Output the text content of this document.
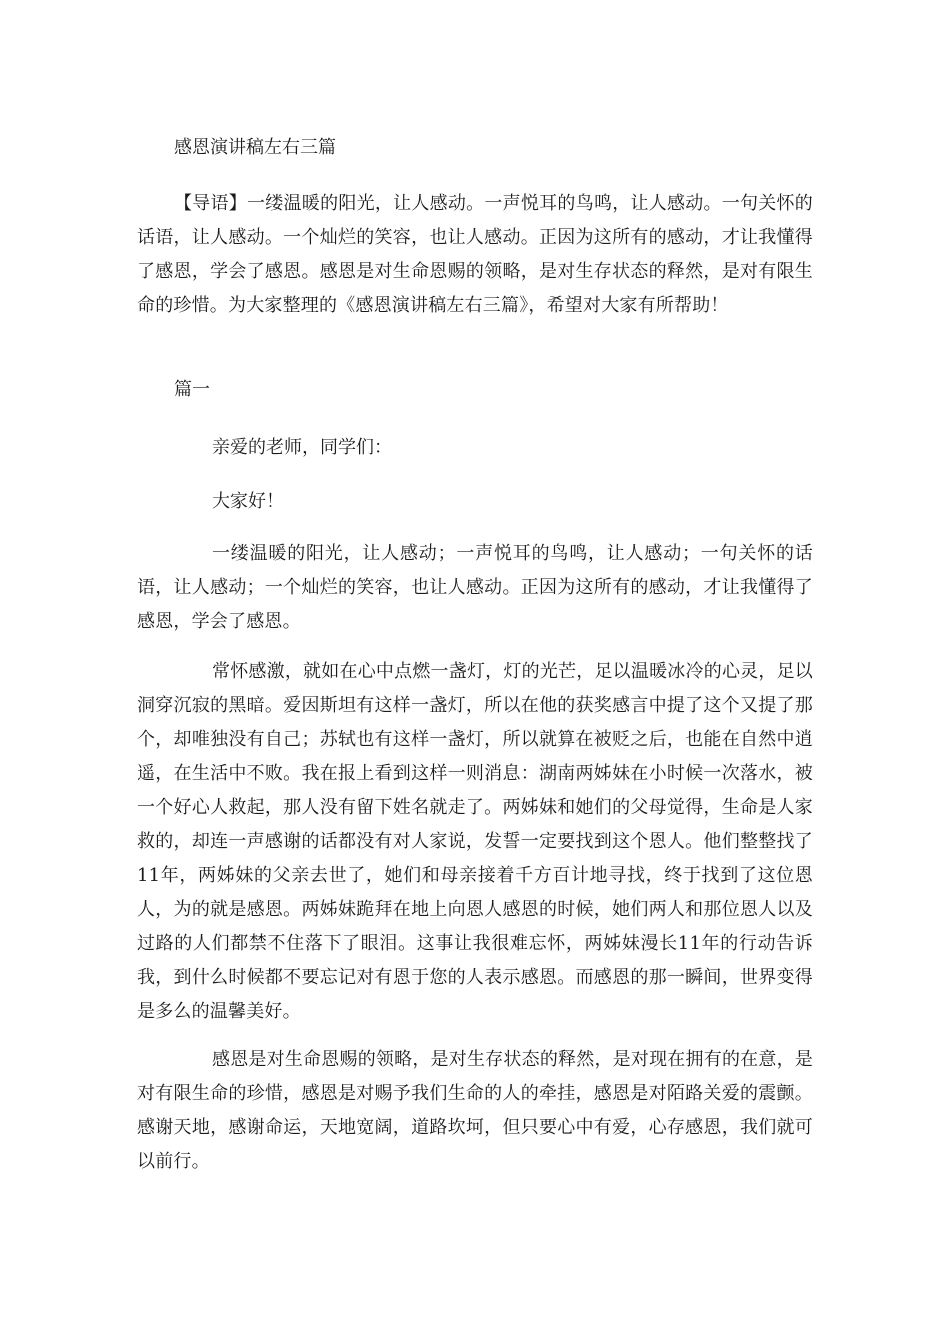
感恩演讲稿左右三篇

【导语】一缕温暖的阳光，让人感动。一声悦耳的鸟鸣，让人感动。一句关怀的话语，让人感动。一个灿烂的笑容，也让人感动。正因为这所有的感动，才让我懂得了感恩，学会了感恩。感恩是对生命恩赐的领略，是对生存状态的释然，是对有限生命的珍惜。为大家整理的《感恩演讲稿左右三篇》，希望对大家有所帮助！

篇一

亲爱的老师，同学们：

大家好！

一缕温暖的阳光，让人感动；一声悦耳的鸟鸣，让人感动；一句关怀的话语，让人感动；一个灿烂的笑容，也让人感动。正因为这所有的感动，才让我懂得了感恩，学会了感恩。

常怀感激，就如在心中点燃一盏灯，灯的光芒，足以温暖冰冷的心灵，足以洞穿沉寂的黑暗。爱因斯坦有这样一盏灯，所以在他的获奖感言中提了这个又提了那个，却唯独没有自己；苏轼也有这样一盏灯，所以就算在被贬之后，也能在自然中逍遥，在生活中不败。我在报上看到这样一则消息：湖南两姊妹在小时候一次落水，被一个好心人救起，那人没有留下姓名就走了。两姊妹和她们的父母觉得，生命是人家救的，却连一声感谢的话都没有对人家说，发誓一定要找到这个恩人。他们整整找了11年，两姊妹的父亲去世了，她们和母亲接着千方百计地寻找，终于找到了这位恩人，为的就是感恩。两姊妹跪拜在地上向恩人感恩的时候，她们两人和那位恩人以及过路的人们都禁不住落下了眼泪。这事让我很难忘怀，两姊妹漫长11年的行动告诉我，到什么时候都不要忘记对有恩于您的人表示感恩。而感恩的那一瞬间，世界变得是多么的温馨美好。

感恩是对生命恩赐的领略，是对生存状态的释然，是对现在拥有的在意，是对有限生命的珍惜，感恩是对赐予我们生命的人的牵挂，感恩是对陌路关爱的震颤。感谢天地，感谢命运，天地宽阔，道路坎坷，但只要心中有爱，心存感恩，我们就可以前行。
